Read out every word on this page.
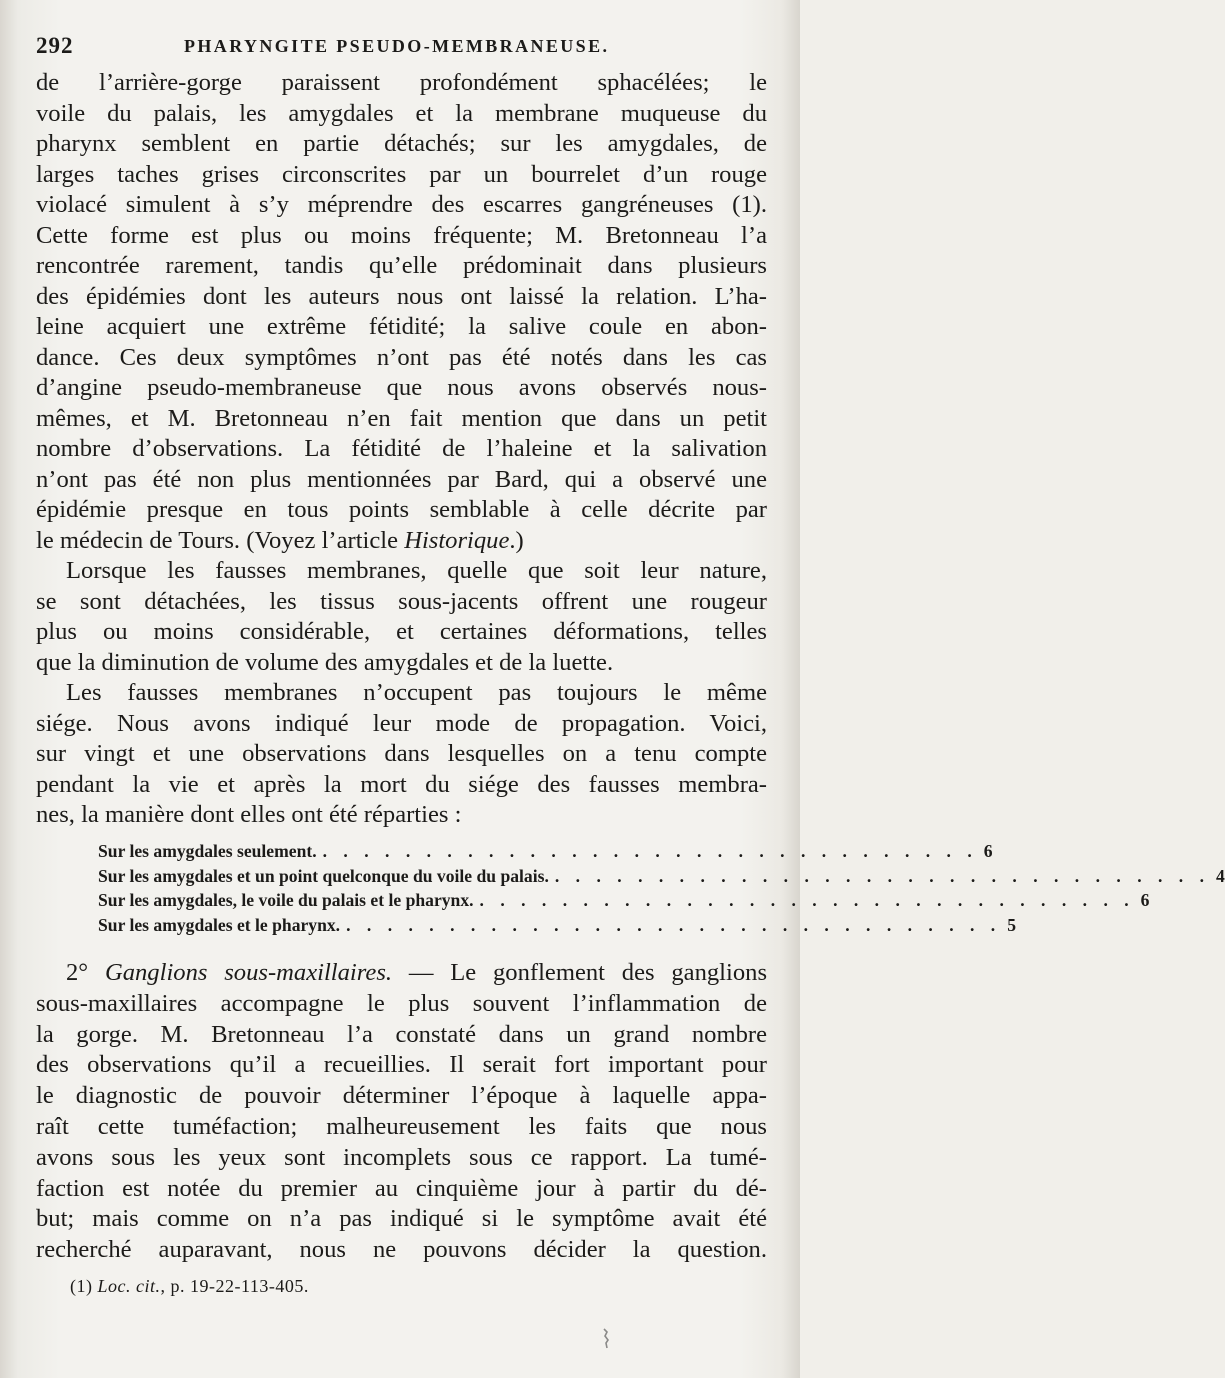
292	PHARYNGITE PSEUDO-MEMBRANEUSE.
de l’arrière-gorge paraissent profondément sphacélées; le
voile du palais, les amygdales et la membrane muqueuse du
pharynx semblent en partie détachés; sur les amygdales, de
larges taches grises circonscrites par un bourrelet d’un rouge
violacé simulent à s’y méprendre des escarres gangréneuses (1).
Cette forme est plus ou moins fréquente; M. Bretonneau l’a
rencontrée rarement, tandis qu’elle prédominait dans plusieurs
des épidémies dont les auteurs nous ont laissé la relation. L’ha-
leine acquiert une extrême fétidité; la salive coule en abon-
dance. Ces deux symptômes n’ont pas été notés dans les cas
d’angine pseudo-membraneuse que nous avons observés nous-
mêmes, et M. Bretonneau n’en fait mention que dans un petit
nombre d’observations. La fétidité de l’haleine et la salivation
n’ont pas été non plus mentionnées par Bard, qui a observé une
épidémie presque en tous points semblable à celle décrite par
le médecin de Tours. (Voyez l’article Historique.)
Lorsque les fausses membranes, quelle que soit leur nature,
se sont détachées, les tissus sous-jacents offrent une rougeur
plus ou moins considérable, et certaines déformations, telles
que la diminution de volume des amygdales et de la luette.
Les fausses membranes n’occupent pas toujours le même
siége. Nous avons indiqué leur mode de propagation. Voici,
sur vingt et une observations dans lesquelles on a tenu compte
pendant la vie et après la mort du siége des fausses membra-
nes, la manière dont elles ont été réparties :
Sur les amygdales seulement. . . . . . . . . . . . . . . . . . . . . . . . . . . . . . . . . 6
Sur les amygdales et un point quelconque du voile du palais. . . . . . . . . . . . . . . . . . . . . . . . . . . . . . . . . 4
Sur les amygdales, le voile du palais et le pharynx. . . . . . . . . . . . . . . . . . . . . . . . . . . . . . . . . 6
Sur les amygdales et le pharynx. . . . . . . . . . . . . . . . . . . . . . . . . . . . . . . . . 5
2° Ganglions sous-maxillaires. — Le gonflement des ganglions
sous-maxillaires accompagne le plus souvent l’inflammation de
la gorge. M. Bretonneau l’a constaté dans un grand nombre
des observations qu’il a recueillies. Il serait fort important pour
le diagnostic de pouvoir déterminer l’époque à laquelle appa-
raît cette tuméfaction; malheureusement les faits que nous
avons sous les yeux sont incomplets sous ce rapport. La tumé-
faction est notée du premier au cinquième jour à partir du dé-
but; mais comme on n’a pas indiqué si le symptôme avait été
recherché auparavant, nous ne pouvons décider la question.
(1) Loc. cit., p. 19-22-113-405.
